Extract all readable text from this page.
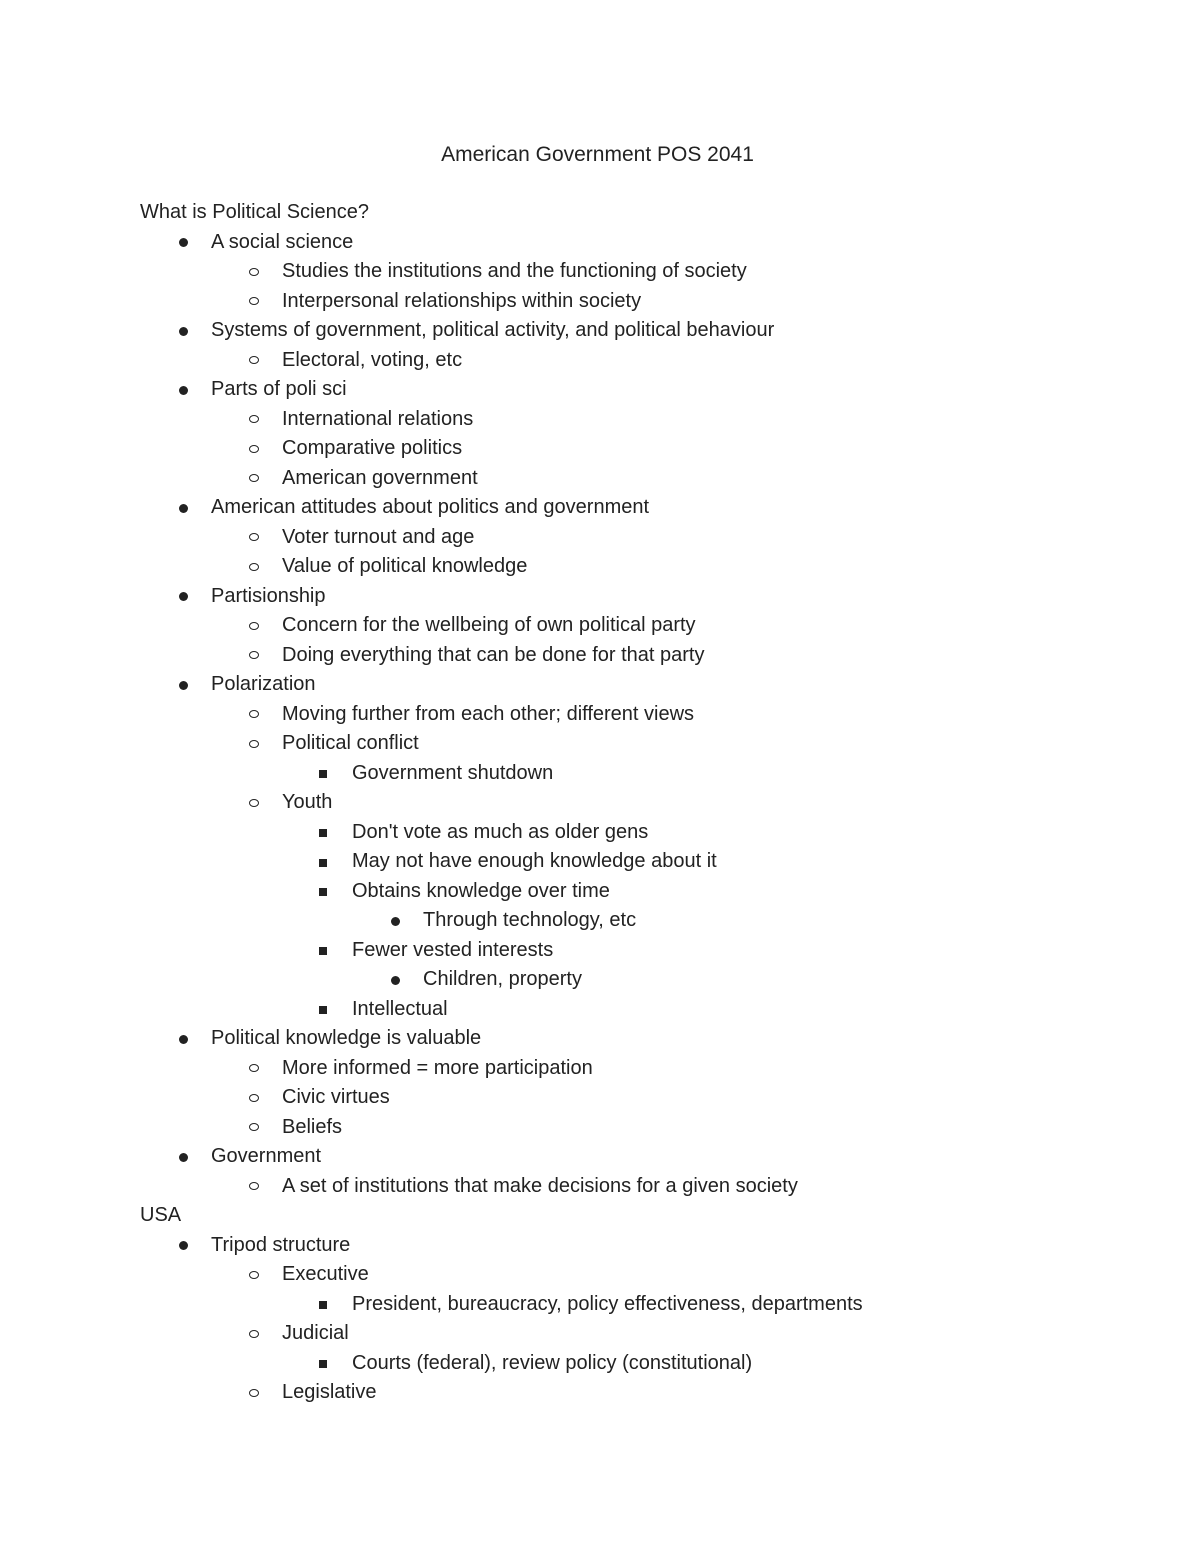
American Government POS 2041
What is Political Science?
A social science
Studies the institutions and the functioning of society
Interpersonal relationships within society
Systems of government, political activity, and political behaviour
Electoral, voting, etc
Parts of poli sci
International relations
Comparative politics
American government
American attitudes about politics and government
Voter turnout and age
Value of political knowledge
Partisionship
Concern for the wellbeing of own political party
Doing everything that can be done for that party
Polarization
Moving further from each other; different views
Political conflict
Government shutdown
Youth
Don't vote as much as older gens
May not have enough knowledge about it
Obtains knowledge over time
Through technology, etc
Fewer vested interests
Children, property
Intellectual
Political knowledge is valuable
More informed = more participation
Civic virtues
Beliefs
Government
A set of institutions that make decisions for a given society
USA
Tripod structure
Executive
President, bureaucracy, policy effectiveness, departments
Judicial
Courts (federal), review policy (constitutional)
Legislative
